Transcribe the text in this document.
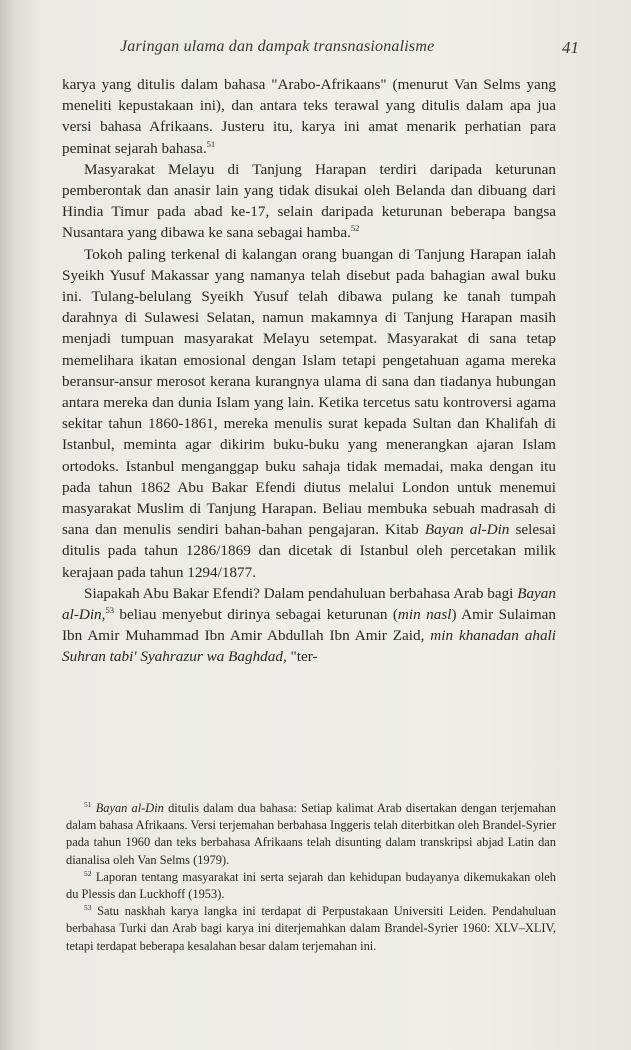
Jaringan ulama dan dampak transnasionalisme	41

karya yang ditulis dalam bahasa "Arabo-Afrikaans" (menurut Van Selms yang meneliti kepustakaan ini), dan antara teks terawal yang ditulis dalam apa jua versi bahasa Afrikaans. Justeru itu, karya ini amat menarik perhatian para peminat sejarah bahasa.$^{51}$

Masyarakat Melayu di Tanjung Harapan terdiri daripada keturunan pemberontak dan anasir lain yang tidak disukai oleh Belanda dan dibuang dari Hindia Timur pada abad ke-17, selain daripada keturunan beberapa bangsa Nusantara yang dibawa ke sana sebagai hamba.$^{52}$

Tokoh paling terkenal di kalangan orang buangan di Tanjung Harapan ialah Syeikh Yusuf Makassar yang namanya telah disebut pada bahagian awal buku ini. Tulang-belulang Syeikh Yusuf telah dibawa pulang ke tanah tumpah darahnya di Sulawesi Selatan, namun makamnya di Tanjung Harapan masih menjadi tumpuan masyarakat Melayu setempat. Masyarakat di sana tetap memelihara ikatan emosional dengan Islam tetapi pengetahuan agama mereka beransur-ansur merosot kerana kurangnya ulama di sana dan tiadanya hubungan antara mereka dan dunia Islam yang lain. Ketika tercetus satu kontroversi agama sekitar tahun 1860-1861, mereka menulis surat kepada Sultan dan Khalifah di Istanbul, meminta agar dikirim buku-buku yang menerangkan ajaran Islam ortodoks. Istanbul menganggap buku sahaja tidak memadai, maka dengan itu pada tahun 1862 Abu Bakar Efendi diutus melalui London untuk menemui masyarakat Muslim di Tanjung Harapan. Beliau membuka sebuah madrasah di sana dan menulis sendiri bahan-bahan pengajaran. Kitab Bayan al-Din selesai ditulis pada tahun 1286/1869 dan dicetak di Istanbul oleh percetakan milik kerajaan pada tahun 1294/1877.

Siapakah Abu Bakar Efendi? Dalam pendahuluan berbahasa Arab bagi Bayan al-Din,$^{53}$ beliau menyebut dirinya sebagai keturunan (min nasl) Amir Sulaiman Ibn Amir Muhammad Ibn Amir Abdullah Ibn Amir Zaid, min khanadan ahali Suhran tabi' Syahrazur wa Baghdad, "ter-

$^{51}$ Bayan al-Din ditulis dalam dua bahasa: Setiap kalimat Arab disertakan dengan terjemahan dalam bahasa Afrikaans. Versi terjemahan berbahasa Inggeris telah diterbitkan oleh Brandel-Syrier pada tahun 1960 dan teks berbahasa Afrikaans telah disunting dalam transkripsi abjad Latin dan dianalisa oleh Van Selms (1979).

$^{52}$ Laporan tentang masyarakat ini serta sejarah dan kehidupan budayanya dikemukakan oleh du Plessis dan Luckhoff (1953).

$^{53}$ Satu naskhah karya langka ini terdapat di Perpustakaan Universiti Leiden. Pendahuluan berbahasa Turki dan Arab bagi karya ini diterjemahkan dalam Brandel-Syrier 1960: XLV–XLIV, tetapi terdapat beberapa kesalahan besar dalam terjemahan ini.
